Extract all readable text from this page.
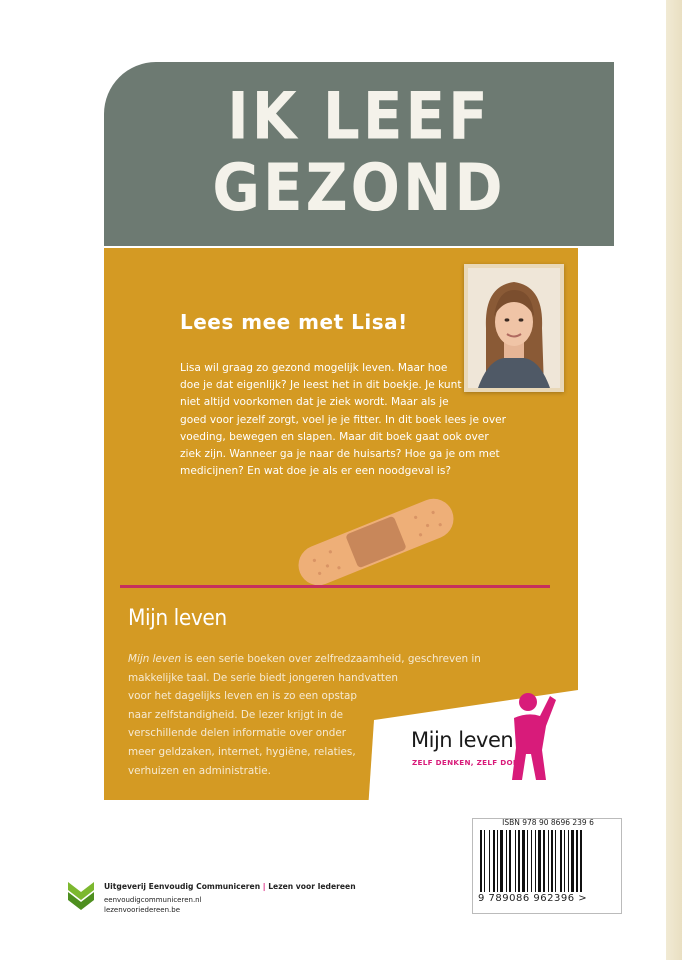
IK LEEF
GEZOND
Lees mee met Lisa!
Lisa wil graag zo gezond mogelijk leven. Maar hoe
doe je dat eigenlijk? Je leest het in dit boekje. Je kunt
niet altijd voorkomen dat je ziek wordt. Maar als je
goed voor jezelf zorgt, voel je je fitter. In dit boek lees je over
voeding, bewegen en slapen. Maar dit boek gaat ook over
ziek zijn. Wanneer ga je naar de huisarts? Hoe ga je om met
medicijnen? En wat doe je als er een noodgeval is?
Mijn leven
Mijn leven is een serie boeken over zelfredzaamheid, geschreven in
makkelijke taal. De serie biedt jongeren handvatten
voor het dagelijks leven en is zo een opstap
naar zelfstandigheid. De lezer krijgt in de
verschillende delen informatie over onder
meer geldzaken, internet, hygiëne, relaties,
verhuizen en administratie.
Mijn leven
ZELF DENKEN, ZELF DOEN
ISBN 978 90 8696 239 6
9 789086 962396 >
Uitgeverij Eenvoudig Communiceren | Lezen voor Iedereen
eenvoudigcommuniceren.nl
lezenvooriedereen.be
